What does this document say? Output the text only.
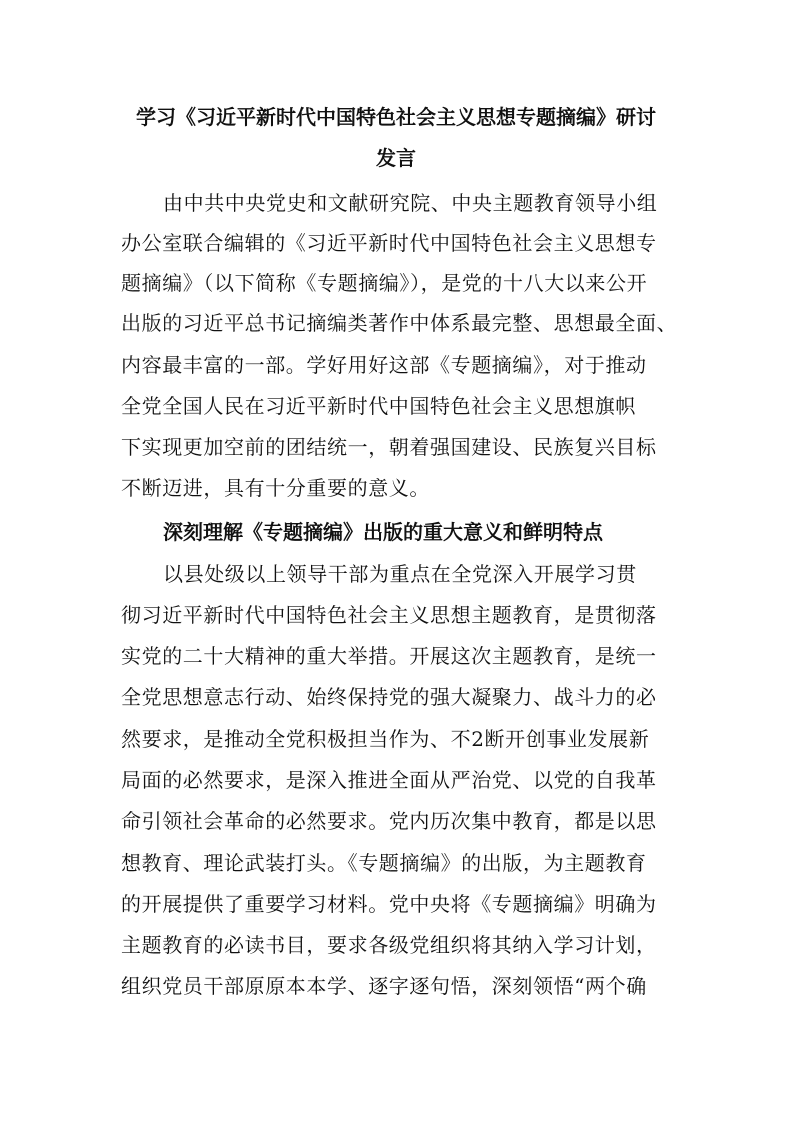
学习《习近平新时代中国特色社会主义思想专题摘编》研讨
发言
由中共中央党史和文献研究院、中央主题教育领导小组
办公室联合编辑的《习近平新时代中国特色社会主义思想专
题摘编》（以下简称《专题摘编》），是党的十八大以来公开
出版的习近平总书记摘编类著作中体系最完整、思想最全面、
内容最丰富的一部。学好用好这部《专题摘编》，对于推动
全党全国人民在习近平新时代中国特色社会主义思想旗帜
下实现更加空前的团结统一，朝着强国建设、民族复兴目标
不断迈进，具有十分重要的意义。
深刻理解《专题摘编》出版的重大意义和鲜明特点
以县处级以上领导干部为重点在全党深入开展学习贯
彻习近平新时代中国特色社会主义思想主题教育，是贯彻落
实党的二十大精神的重大举措。开展这次主题教育，是统一
全党思想意志行动、始终保持党的强大凝聚力、战斗力的必
然要求，是推动全党积极担当作为、不2断开创事业发展新
局面的必然要求，是深入推进全面从严治党、以党的自我革
命引领社会革命的必然要求。党内历次集中教育，都是以思
想教育、理论武装打头。《专题摘编》的出版，为主题教育
的开展提供了重要学习材料。党中央将《专题摘编》明确为
主题教育的必读书目，要求各级党组织将其纳入学习计划，
组织党员干部原原本本学、逐字逐句悟，深刻领悟“两个确
